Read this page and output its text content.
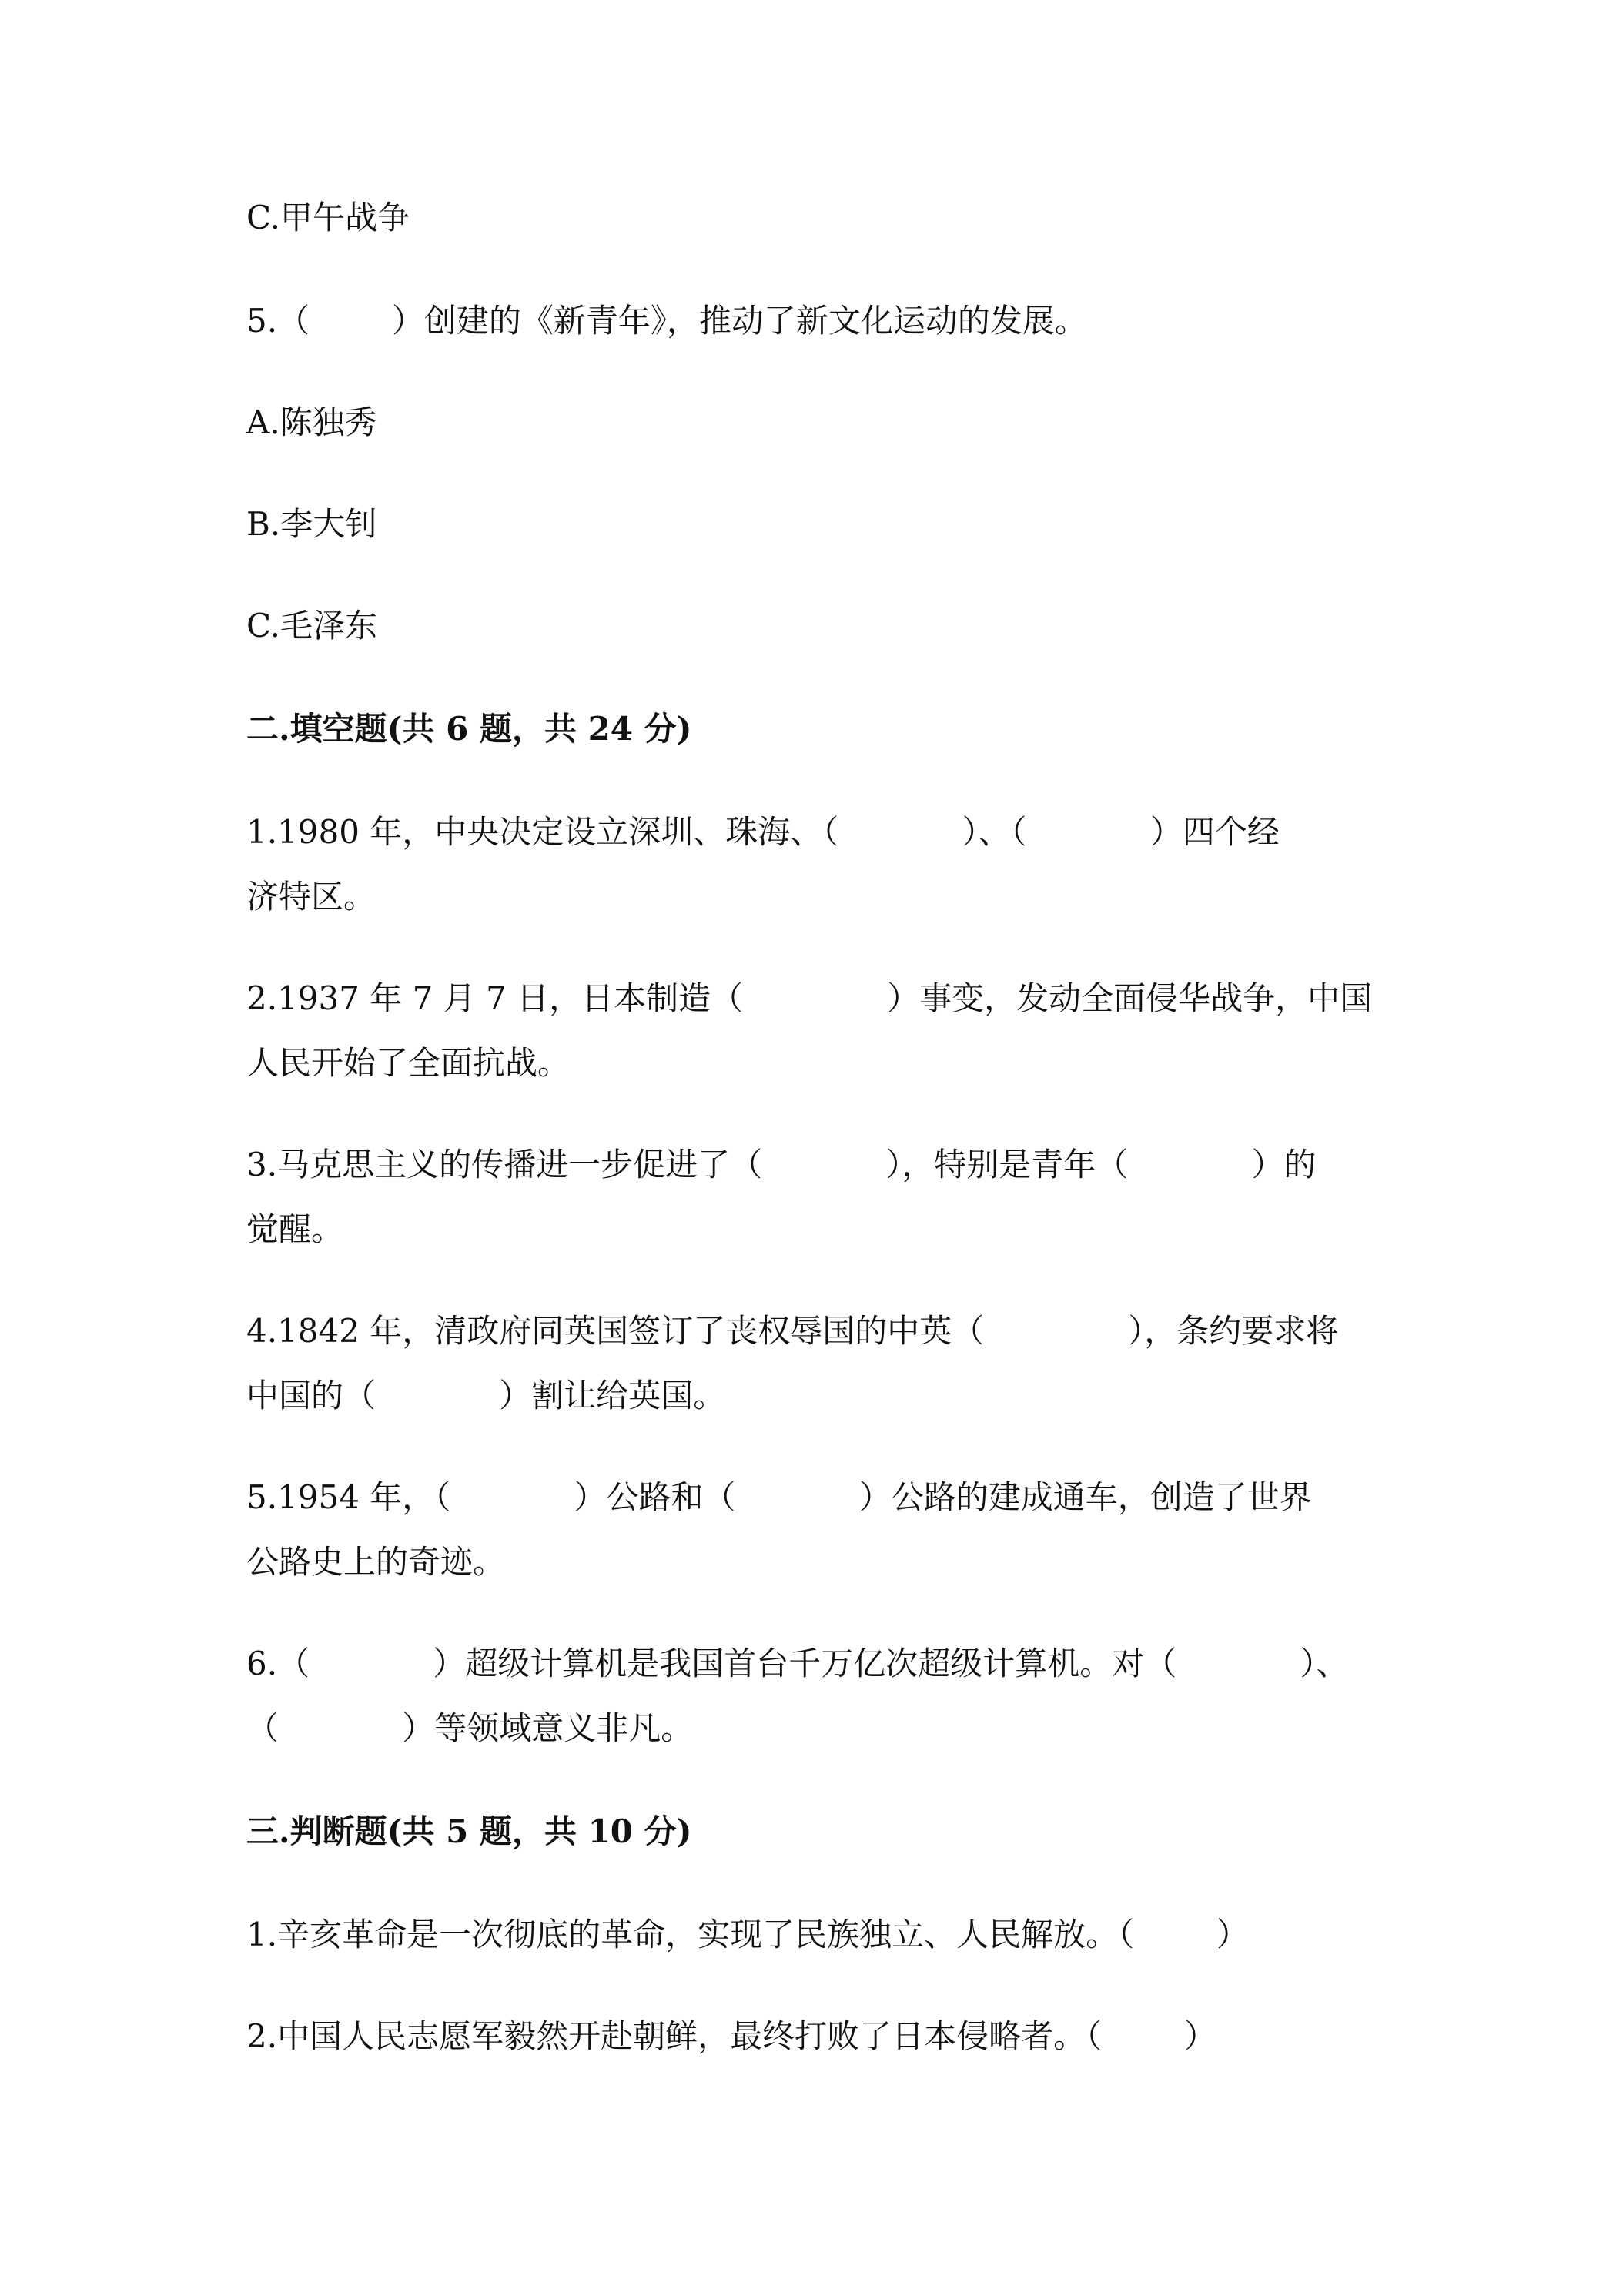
C.甲午战争

5.（        ）创建的《新青年》，推动了新文化运动的发展。

A.陈独秀

B.李大钊

C.毛泽东

二.填空题(共 6 题，共 24 分)

1.1980 年，中央决定设立深圳、珠海、（            ）、（            ）四个经

济特区。

2.1937 年 7 月 7 日，日本制造（              ）事变，发动全面侵华战争，中国

人民开始了全面抗战。

3.马克思主义的传播进一步促进了（            ），特别是青年（            ）的

觉醒。

4.1842 年，清政府同英国签订了丧权辱国的中英（              ），条约要求将

中国的（            ）割让给英国。

5.1954 年，（            ）公路和（            ）公路的建成通车，创造了世界

公路史上的奇迹。

6.（            ）超级计算机是我国首台千万亿次超级计算机。对（            ）、

（            ）等领域意义非凡。

三.判断题(共 5 题，共 10 分)

1.辛亥革命是一次彻底的革命，实现了民族独立、人民解放。（        ）

2.中国人民志愿军毅然开赴朝鲜，最终打败了日本侵略者。（        ）
